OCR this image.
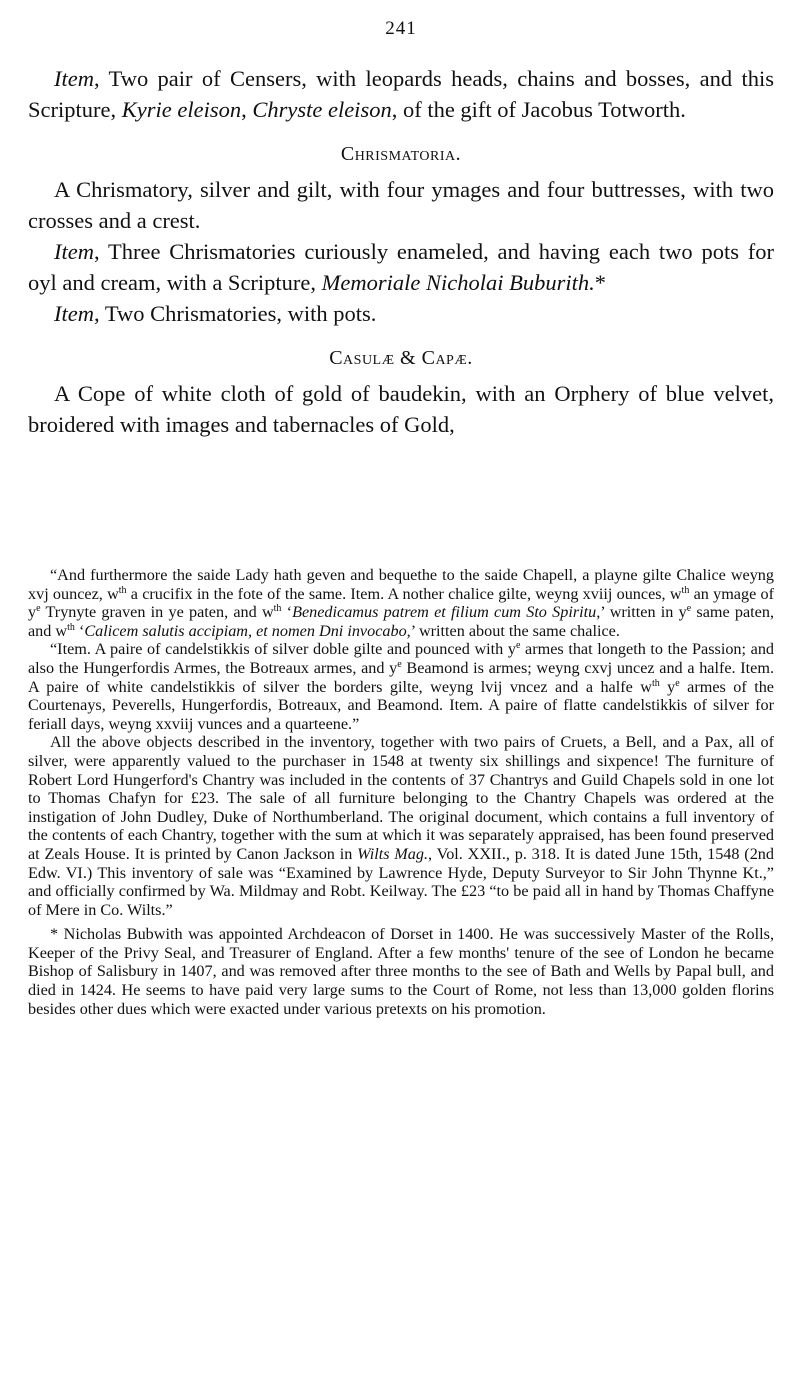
241

Item, Two pair of Censers, with leopards heads, chains and bosses, and this Scripture, Kyrie eleison, Chryste eleison, of the gift of Jacobus Totworth.

Chrismatoria.

A Chrismatory, silver and gilt, with four ymages and four buttresses, with two crosses and a crest.

Item, Three Chrismatories curiously enameled, and having each two pots for oyl and cream, with a Scripture, Memoriale Nicholai Buburith.*

Item, Two Chrismatories, with pots.

Casulæ & Capæ.

A Cope of white cloth of gold of baudekin, with an Orphery of blue velvet, broidered with images and tabernacles of Gold,

“And furthermore the saide Lady hath geven and bequethe to the saide Chapell, a playne gilte Chalice weyng xvj ouncez, $w^{th}$ a crucifix in the fote of the same. Item. A nother chalice gilte, weyng xviij ounces, $w^{th}$ an ymage of $y^e$ Trynyte graven in ye paten, and $w^{th}$ ‘Benedicamus patrem et filium cum Sto Spiritu,’ written in $y^e$ same paten, and $w^{th}$ ‘Calicem salutis accipiam, et nomen Dni invocabo,’ written about the same chalice.

“Item. A paire of candelstikkis of silver doble gilte and pounced with $y^e$ armes that longeth to the Passion; and also the Hungerfordis Armes, the Botreaux armes, and $y^e$ Beamond is armes; weyng cxvj uncez and a halfe. Item. A paire of white candelstikkis of silver the borders gilte, weyng lvij vncez and a halfe $w^{th}$ $y^e$ armes of the Courtenays, Peverells, Hungerfordis, Botreaux, and Beamond. Item. A paire of flatte candelstikkis of silver for feriall days, weyng xxviij vunces and a quarteene.”

All the above objects described in the inventory, together with two pairs of Cruets, a Bell, and a Pax, all of silver, were apparently valued to the purchaser in 1548 at twenty six shillings and sixpence! The furniture of Robert Lord Hungerford's Chantry was included in the contents of 37 Chantrys and Guild Chapels sold in one lot to Thomas Chafyn for £23. The sale of all furniture belonging to the Chantry Chapels was ordered at the instigation of John Dudley, Duke of Northumberland. The original document, which contains a full inventory of the contents of each Chantry, together with the sum at which it was separately appraised, has been found preserved at Zeals House. It is printed by Canon Jackson in Wilts Mag., Vol. XXII., p. 318. It is dated June 15th, 1548 (2nd Edw. VI.) This inventory of sale was “Examined by Lawrence Hyde, Deputy Surveyor to Sir John Thynne Kt.,” and officially confirmed by Wa. Mildmay and Robt. Keilway. The £23 “to be paid all in hand by Thomas Chaffyne of Mere in Co. Wilts.”

* Nicholas Bubwith was appointed Archdeacon of Dorset in 1400. He was successively Master of the Rolls, Keeper of the Privy Seal, and Treasurer of England. After a few months' tenure of the see of London he became Bishop of Salisbury in 1407, and was removed after three months to the see of Bath and Wells by Papal bull, and died in 1424. He seems to have paid very large sums to the Court of Rome, not less than 13,000 golden florins besides other dues which were exacted under various pretexts on his promotion.
